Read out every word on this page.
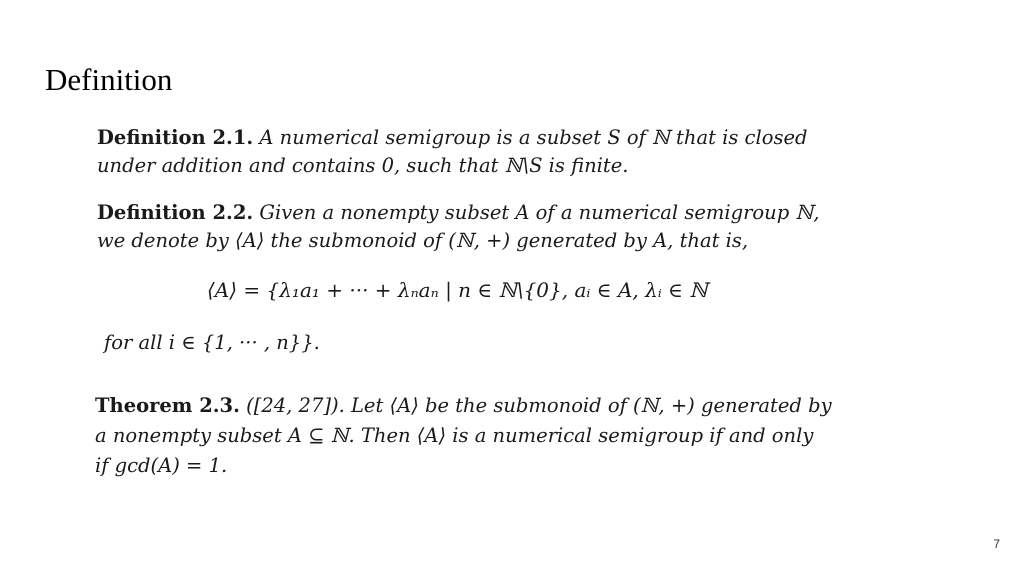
Definition
Definition 2.1. A numerical semigroup is a subset S of ℕ that is closed
under addition and contains 0, such that ℕ\S is finite.
Definition 2.2. Given a nonempty subset A of a numerical semigroup ℕ,
we denote by ⟨A⟩ the submonoid of (ℕ, +) generated by A, that is,
⟨A⟩ = {λ₁a₁ + ··· + λₙaₙ | n ∈ ℕ\{0}, aᵢ ∈ A, λᵢ ∈ ℕ
for all i ∈ {1, ··· , n}}.
Theorem 2.3. ([24, 27]). Let ⟨A⟩ be the submonoid of (ℕ, +) generated by
a nonempty subset A ⊆ ℕ. Then ⟨A⟩ is a numerical semigroup if and only
if gcd(A) = 1.
7
